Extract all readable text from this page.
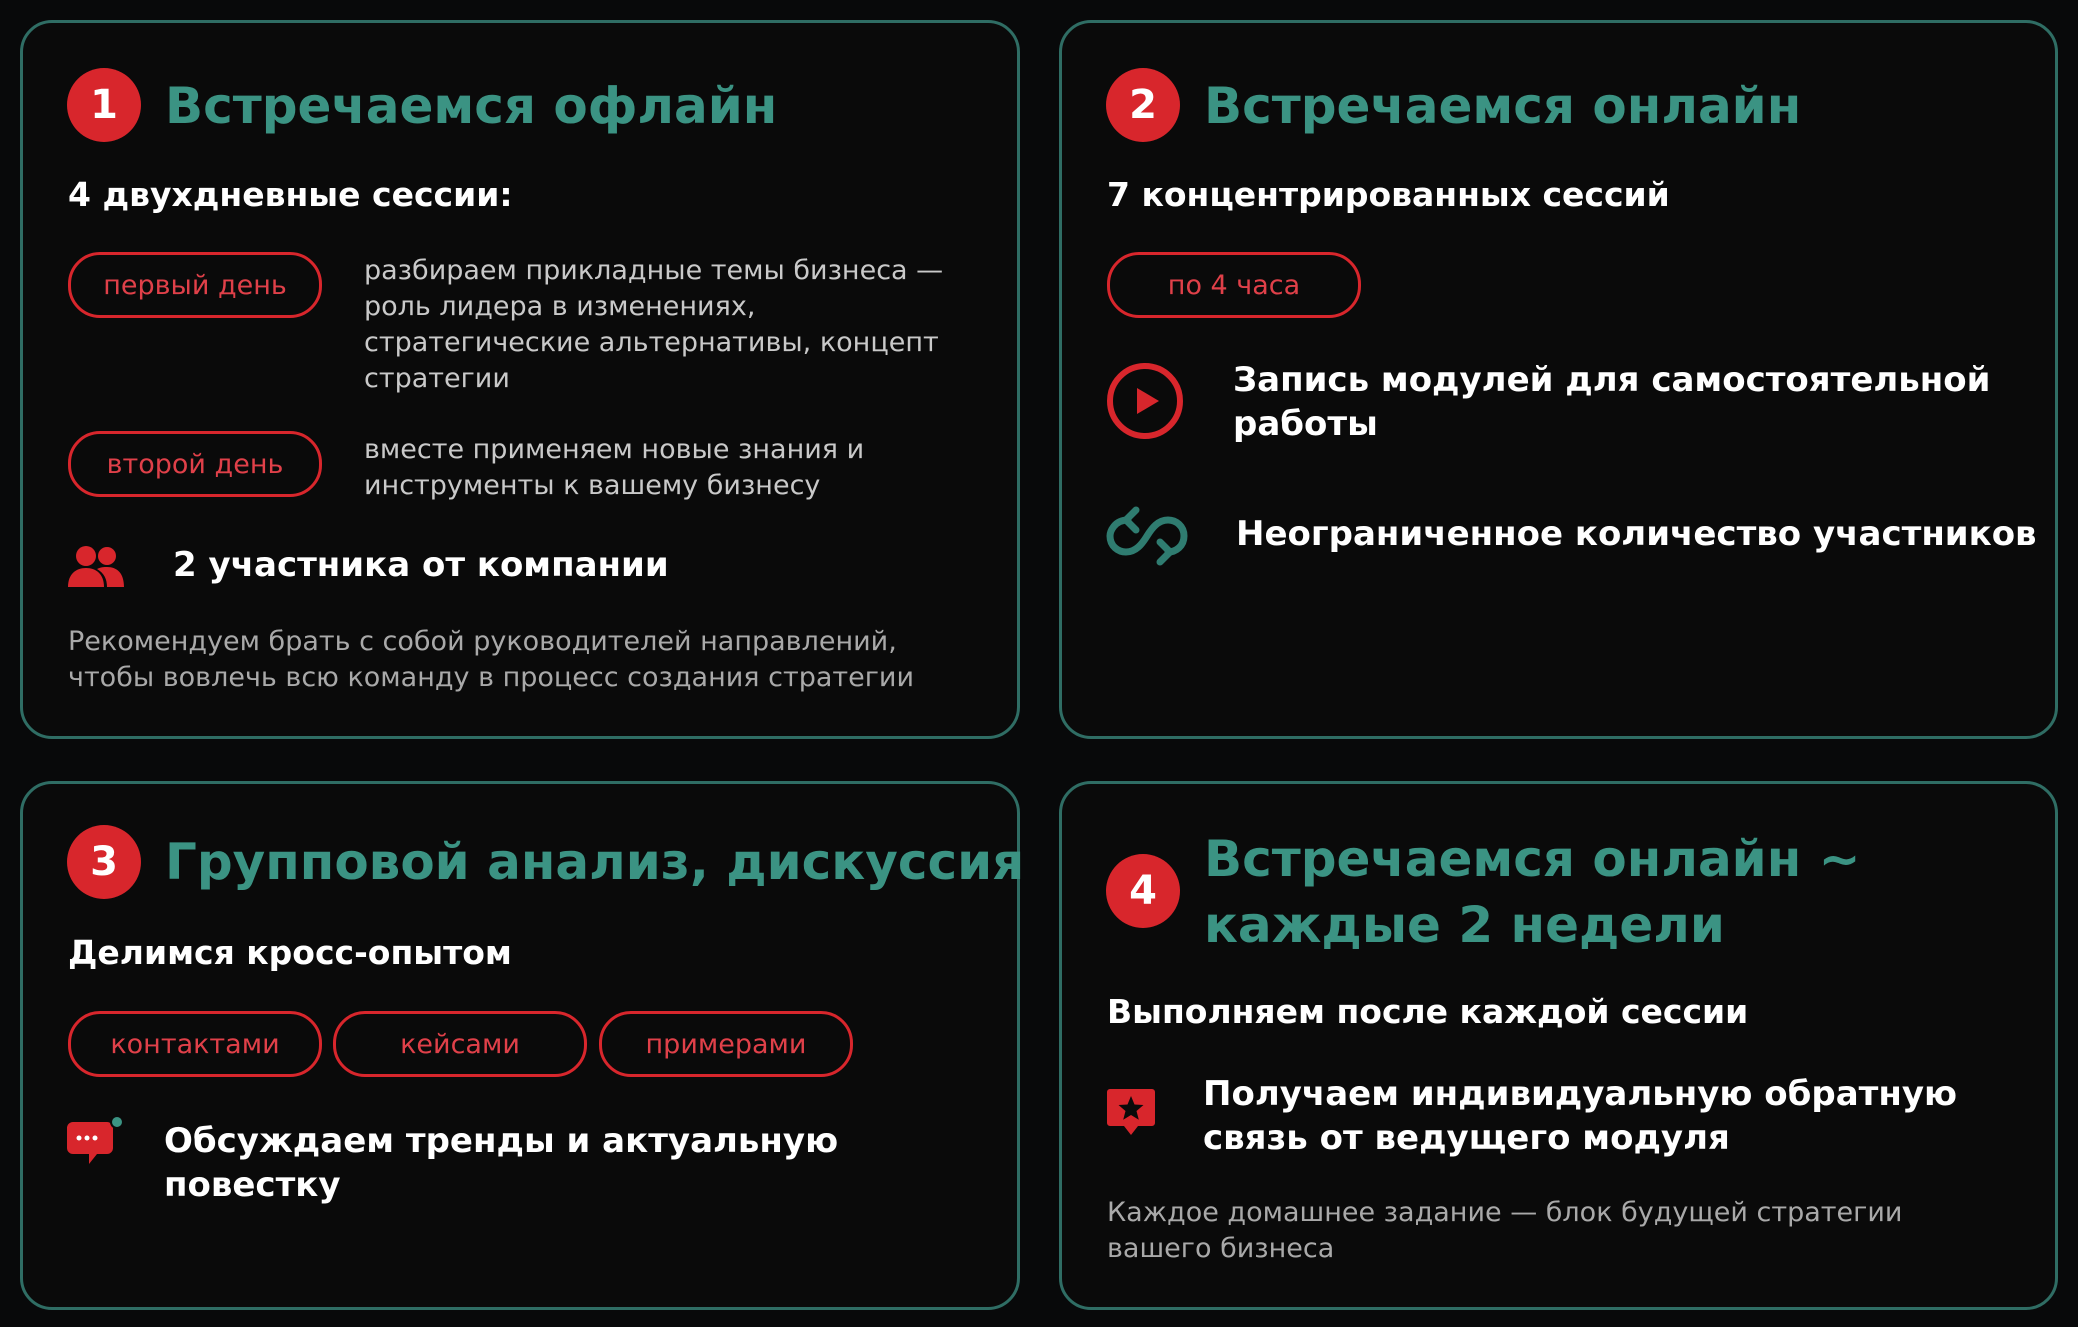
1 Встречаемся офлайн
4 двухдневные сессии:
первый день	разбираем прикладные темы бизнеса — роль лидера в изменениях, стратегические альтернативы, концепт стратегии
второй день	вместе применяем новые знания и инструменты к вашему бизнесу
2 участника от компании
Рекомендуем брать с собой руководителей направлений, чтобы вовлечь всю команду в процесс создания стратегии
2 Встречаемся онлайн
7 концентрированных сессий
по 4 часа
Запись модулей для самостоятельной работы
Неограниченное количество участников
3 Групповой анализ, дискуссия
Делимся кросс-опытом
контактами	кейсами	примерами
Обсуждаем тренды и актуальную повестку
4
Встречаемся онлайн ~
каждые 2 недели
Выполняем после каждой сессии
Получаем индивидуальную обратную связь от ведущего модуля
Каждое домашнее задание — блок будущей стратегии вашего бизнеса
